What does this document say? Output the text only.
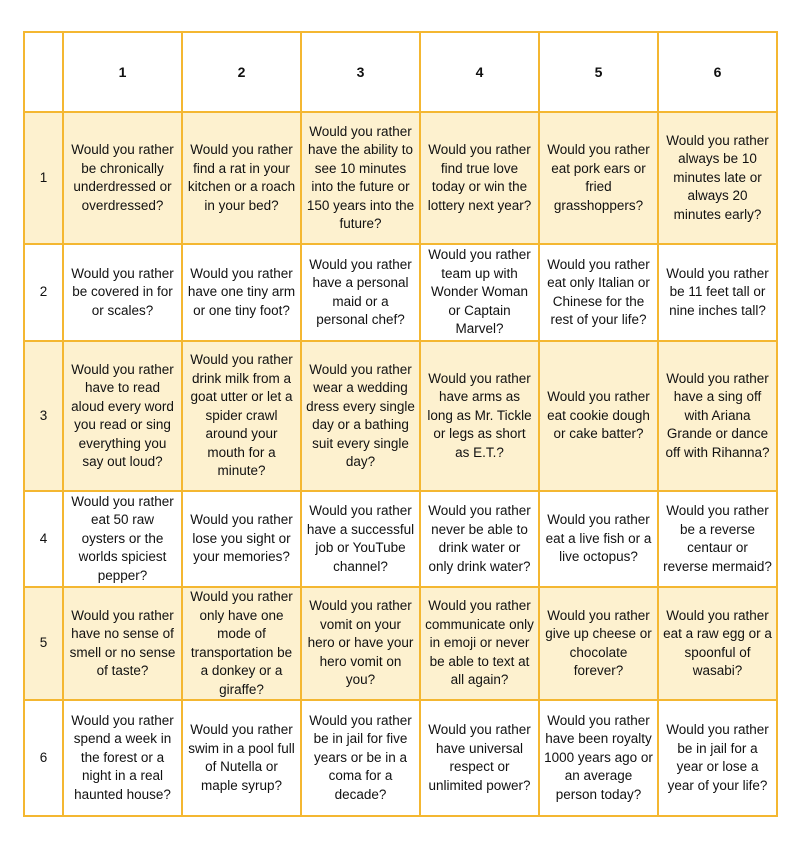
	1	2	3	4	5	6
1	Would you rather be chronically underdressed or overdressed?	Would you rather find a rat in your kitchen or a roach in your bed?	Would you rather have the ability to see 10 minutes into the future or 150 years into the future?	Would you rather find true love today or win the lottery next year?	Would you rather eat pork ears or fried grasshoppers?	Would you rather always be 10 minutes late or always 20 minutes early?
2	Would you rather be covered in for or scales?	Would you rather have one tiny arm or one tiny foot?	Would you rather have a personal maid or a personal chef?	Would you rather team up with Wonder Woman or Captain Marvel?	Would you rather eat only Italian or Chinese for the rest of your life?	Would you rather be 11 feet tall or nine inches tall?
3	Would you rather have to read aloud every word you read or sing everything you say out loud?	Would you rather drink milk from a goat utter or let a spider crawl around your mouth for a minute?	Would you rather wear a wedding dress every single day or a bathing suit every single day?	Would you rather have arms as long as Mr. Tickle or legs as short as E.T.?	Would you rather eat cookie dough or cake batter?	Would you rather have a sing off with Ariana Grande or dance off with Rihanna?
4	Would you rather eat 50 raw oysters or the worlds spiciest pepper?	Would you rather lose you sight or your memories?	Would you rather have a successful job or YouTube channel?	Would you rather never be able to drink water or only drink water?	Would you rather eat a live fish or a live octopus?	Would you rather be a reverse centaur or reverse mermaid?
5	Would you rather have no sense of smell or no sense of taste?	Would you rather only have one mode of transportation be a donkey or a giraffe?	Would you rather vomit on your hero or have your hero vomit on you?	Would you rather communicate only in emoji or never be able to text at all again?	Would you rather give up cheese or chocolate forever?	Would you rather eat a raw egg or a spoonful of wasabi?
6	Would you rather spend a week in the forest or a night in a real haunted house?	Would you rather swim in a pool full of Nutella or maple syrup?	Would you rather be in jail for five years or be in a coma for a decade?	Would you rather have universal respect or unlimited power?	Would you rather have been royalty 1000 years ago or an average person today?	Would you rather be in jail for a year or lose a year of your life?
